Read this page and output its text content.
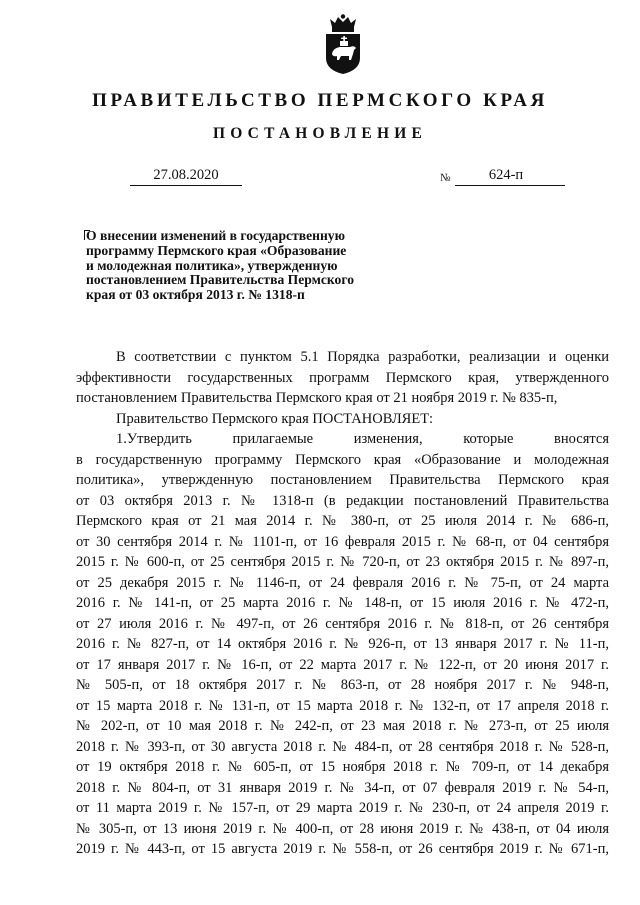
ПРАВИТЕЛЬСТВО ПЕРМСКОГО КРАЯ
ПОСТАНОВЛЕНИЕ
27.08.2020	№	624-п
О внесении изменений в государственную
программу Пермского края «Образование
и молодежная политика», утвержденную
постановлением Правительства Пермского
края от 03 октября 2013 г. № 1318-п
В соответствии с пунктом 5.1 Порядка разработки, реализации и оценки
эффективности государственных программ Пермского края, утвержденного
постановлением Правительства Пермского края от 21 ноября 2019 г. № 835-п,
Правительство Пермского края ПОСТАНОВЛЯЕТ:
1.Утвердить прилагаемые изменения, которые вносятся
в государственную программу Пермского края «Образование и молодежная
политика», утвержденную постановлением Правительства Пермского края
от 03 октября 2013 г. № 1318-п (в редакции постановлений Правительства
Пермского края от 21 мая 2014 г. № 380-п, от 25 июля 2014 г. № 686-п,
от 30 сентября 2014 г. № 1101-п, от 16 февраля 2015 г. № 68-п, от 04 сентября
2015 г. № 600-п, от 25 сентября 2015 г. № 720-п, от 23 октября 2015 г. № 897-п,
от 25 декабря 2015 г. № 1146-п, от 24 февраля 2016 г. № 75-п, от 24 марта
2016 г. № 141-п, от 25 марта 2016 г. № 148-п, от 15 июля 2016 г. № 472-п,
от 27 июля 2016 г. № 497-п, от 26 сентября 2016 г. № 818-п, от 26 сентября
2016 г. № 827-п, от 14 октября 2016 г. № 926-п, от 13 января 2017 г. № 11-п,
от 17 января 2017 г. № 16-п, от 22 марта 2017 г. № 122-п, от 20 июня 2017 г.
№ 505-п, от 18 октября 2017 г. № 863-п, от 28 ноября 2017 г. № 948-п,
от 15 марта 2018 г. № 131-п, от 15 марта 2018 г. № 132-п, от 17 апреля 2018 г.
№ 202-п, от 10 мая 2018 г. № 242-п, от 23 мая 2018 г. № 273-п, от 25 июля
2018 г. № 393-п, от 30 августа 2018 г. № 484-п, от 28 сентября 2018 г. № 528-п,
от 19 октября 2018 г. № 605-п, от 15 ноября 2018 г. № 709-п, от 14 декабря
2018 г. № 804-п, от 31 января 2019 г. № 34-п, от 07 февраля 2019 г. № 54-п,
от 11 марта 2019 г. № 157-п, от 29 марта 2019 г. № 230-п, от 24 апреля 2019 г.
№ 305-п, от 13 июня 2019 г. № 400-п, от 28 июня 2019 г. № 438-п, от 04 июля
2019 г. № 443-п, от 15 августа 2019 г. № 558-п, от 26 сентября 2019 г. № 671-п,
